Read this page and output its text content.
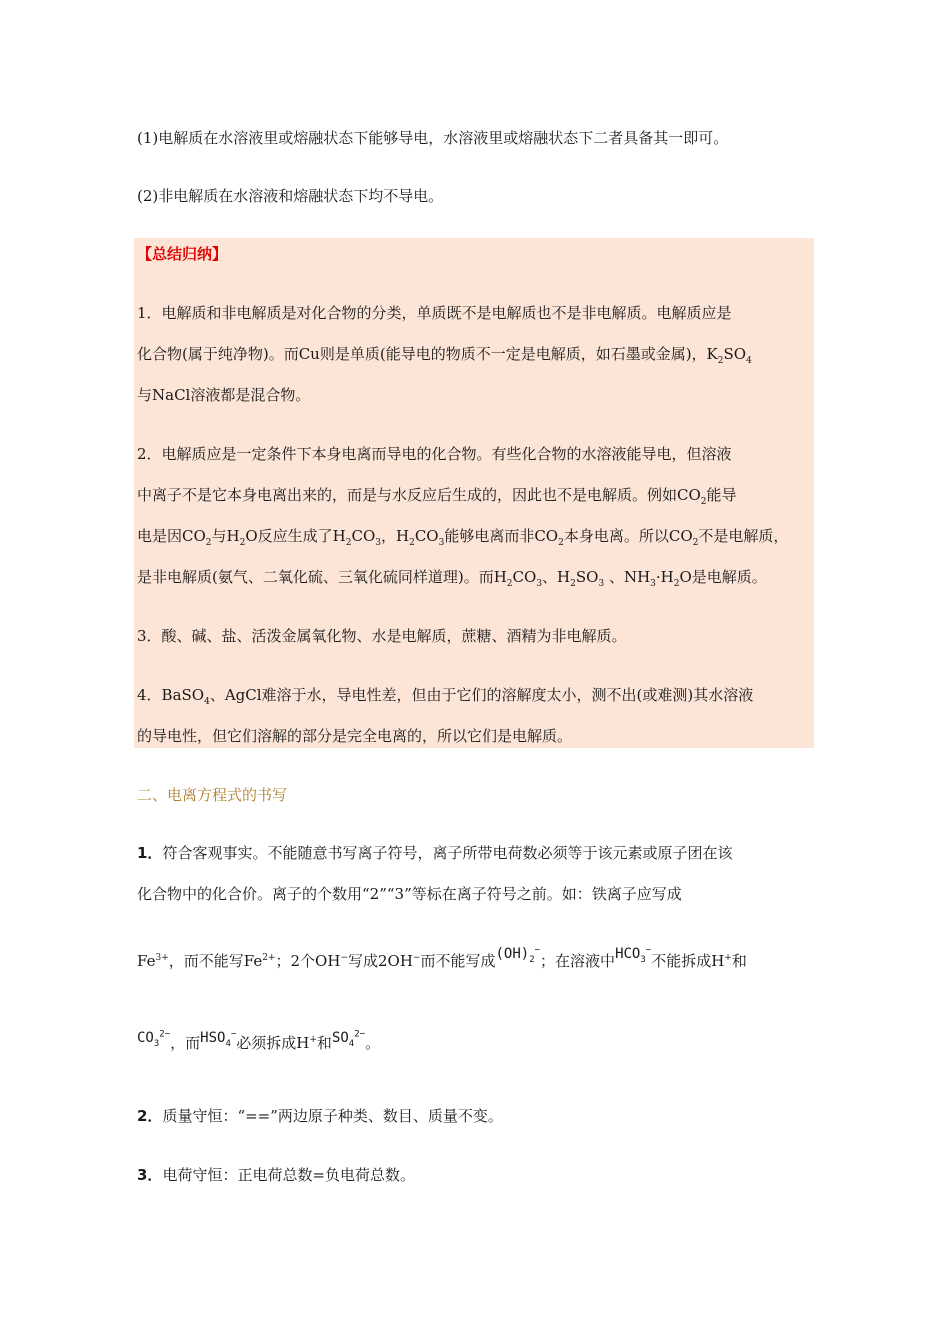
(1)电解质在水溶液里或熔融状态下能够导电，水溶液里或熔融状态下二者具备其一即可。
(2)非电解质在水溶液和熔融状态下均不导电。
【总结归纳】
1．电解质和非电解质是对化合物的分类，单质既不是电解质也不是非电解质。电解质应是
化合物(属于纯净物)。而Cu则是单质(能导电的物质不一定是电解质，如石墨或金属)，$K_2SO_4$
与NaCl溶液都是混合物。
2．电解质应是一定条件下本身电离而导电的化合物。有些化合物的水溶液能导电，但溶液
中离子不是它本身电离出来的，而是与水反应后生成的，因此也不是电解质。例如$CO_2$能导
电是因$CO_2$与$H_2O$反应生成了$H_2CO_3$，$H_2CO_3$能够电离而非$CO_2$本身电离。所以$CO_2$不是电解质，
是非电解质(氨气、二氧化硫、三氧化硫同样道理)。而$H_2CO_3$、$H_2SO_3$ 、$NH_3\cdot H_2O$是电解质。
3．酸、碱、盐、活泼金属氧化物、水是电解质，蔗糖、酒精为非电解质。
4．BaSO$_4$、AgCl难溶于水，导电性差，但由于它们的溶解度太小，测不出(或难测)其水溶液
的导电性，但它们溶解的部分是完全电离的，所以它们是电解质。
二、电离方程式的书写
1．符合客观事实。不能随意书写离子符号，离子所带电荷数必须等于该元素或原子团在该
化合物中的化合价。离子的个数用“2”“3”等标在离子符号之前。如：铁离子应写成
$Fe^{3+}$，而不能写$Fe^{2+}$；2个OH−写成2OH−而不能写成$(OH)_2^-$；在溶液中$HCO_3^-$不能拆成H+和
$CO_3^{2-}$，而$HSO_4^-$必须拆成H+和$SO_4^{2-}$。
2．质量守恒：“==”两边原子种类、数目、质量不变。
3．电荷守恒：正电荷总数=负电荷总数。
